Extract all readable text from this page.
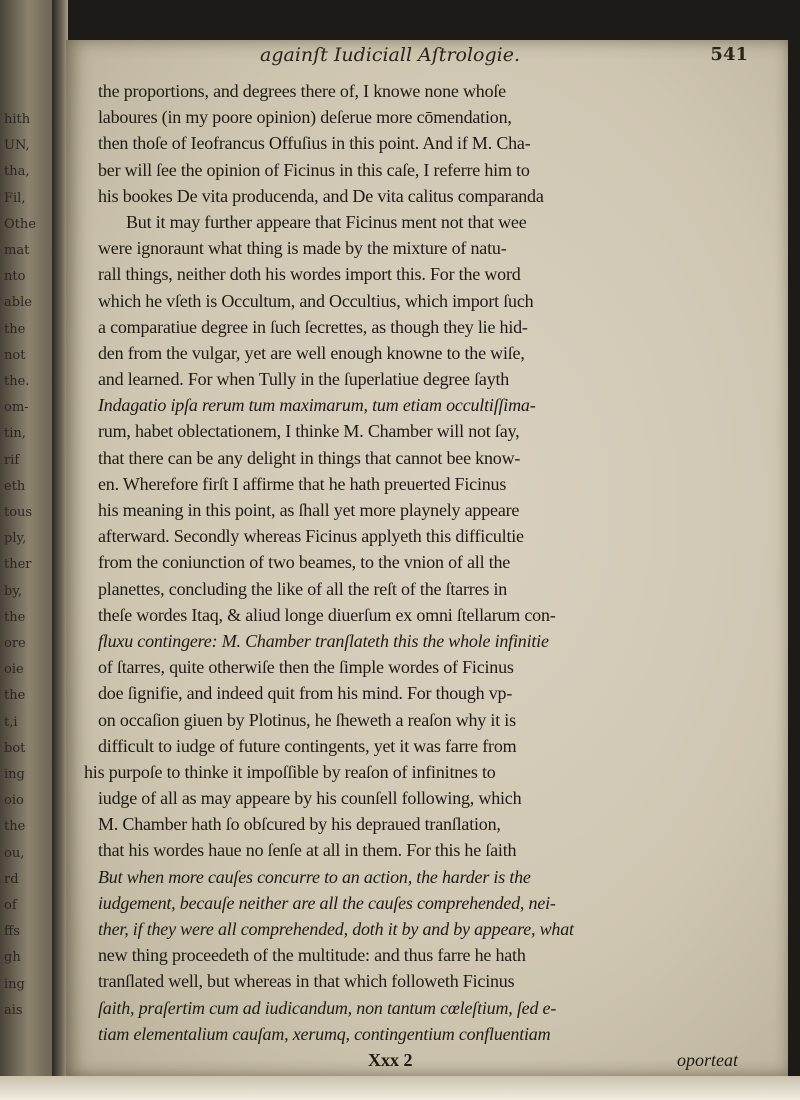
hith
UN,
tha,
Fil,
Othe
mat
nto
able
the
not
the.
om-
tin,
rif
eth
tous
ply,
ther
by,
the
ore
oie
the
t,i
bot
ing
oio
the
ou,
rd
of
ffs
gh
ing
ais
againſt Iudiciall Aſtrologie.	541
the proportions, and degrees there of, I knowe none whoſe
laboures (in my poore opinion) deſerue more cōmendation,
then thoſe of Ieofrancus Offuſius in this point. And if M. Cha-
ber will ſee the opinion of Ficinus in this caſe, I referre him to
his bookes De vita producenda, and De vita calitus comparanda
But it may further appeare that Ficinus ment not that wee
were ignoraunt what thing is made by the mixture of natu-
rall things, neither doth his wordes import this. For the word
which he vſeth is Occultum, and Occultius, which import ſuch
a comparatiue degree in ſuch ſecrettes, as though they lie hid-
den from the vulgar, yet are well enough knowne to the wiſe,
and learned. For when Tully in the ſuperlatiue degree ſayth
Indagatio ipſa rerum tum maximarum, tum etiam occultiſſima-
rum, habet oblectationem, I thinke M. Chamber will not ſay,
that there can be any delight in things that cannot bee know-
en. Wherefore firſt I affirme that he hath preuerted Ficinus
his meaning in this point, as ſhall yet more playnely appeare
afterward. Secondly whereas Ficinus applyeth this difficultie
from the coniunction of two beames, to the vnion of all the
planettes, concluding the like of all the reſt of the ſtarres in
theſe wordes Itaq, & aliud longe diuerſum ex omni ſtellarum con-
fluxu contingere: M. Chamber tranſlateth this the whole infinitie
of ſtarres, quite otherwiſe then the ſimple wordes of Ficinus
doe ſignifie, and indeed quit from his mind. For though vp-
on occaſion giuen by Plotinus, he ſheweth a reaſon why it is
difficult to iudge of future contingents, yet it was farre from
his purpoſe to thinke it impoſſible by reaſon of infinitnes to
iudge of all as may appeare by his counſell following, which
M. Chamber hath ſo obſcured by his depraued tranſlation,
that his wordes haue no ſenſe at all in them. For this he ſaith
But when more cauſes concurre to an action, the harder is the
iudgement, becauſe neither are all the cauſes comprehended, nei-
ther, if they were all comprehended, doth it by and by appeare, what
new thing proceedeth of the multitude: and thus farre he hath
tranſlated well, but whereas in that which followeth Ficinus
ſaith, praſertim cum ad iudicandum, non tantum cœleſtium, ſed e-
tiam elementalium cauſam, xerumq, contingentium confluentiam
Xxx 2	oporteat
